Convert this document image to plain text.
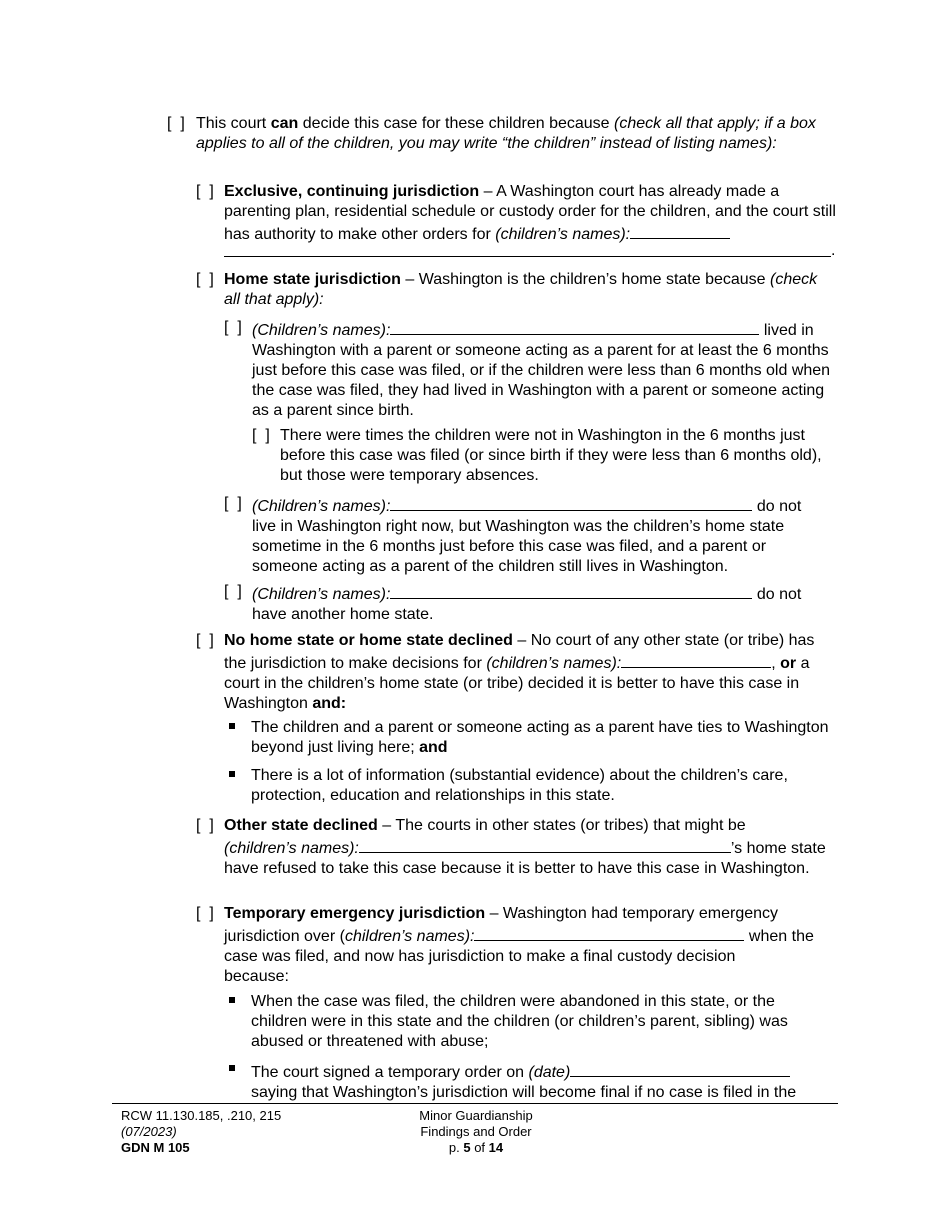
[  ] This court can decide this case for these children because (check all that apply; if a box applies to all of the children, you may write “the children” instead of listing names):
[  ] Exclusive, continuing jurisdiction – A Washington court has already made a parenting plan, residential schedule or custody order for the children, and the court still has authority to make other orders for (children’s names):
.
[  ] Home state jurisdiction – Washington is the children’s home state because (check all that apply):
[  ] (Children’s names):	lived in
Washington with a parent or someone acting as a parent for at least the 6 months just before this case was filed, or if the children were less than 6 months old when the case was filed, they had lived in Washington with a parent or someone acting as a parent since birth.
[  ] There were times the children were not in Washington in the 6 months just before this case was filed (or since birth if they were less than 6 months old), but those were temporary absences.
[  ] (Children’s names):	do not
live in Washington right now, but Washington was the children’s home state sometime in the 6 months just before this case was filed, and a parent or someone acting as a parent of the children still lives in Washington.
[  ] (Children’s names):	do not
have another home state.
[  ] No home state or home state declined – No court of any other state (or tribe) has the jurisdiction to make decisions for (children’s names):	, or a court in the children’s home state (or tribe) decided it is better to have this case in Washington and:
The children and a parent or someone acting as a parent have ties to Washington beyond just living here; and
There is a lot of information (substantial evidence) about the children’s care, protection, education and relationships in this state.
[  ] Other state declined – The courts in other states (or tribes) that might be
(children’s names):	’s home state
have refused to take this case because it is better to have this case in Washington.
[  ] Temporary emergency jurisdiction – Washington had temporary emergency
jurisdiction over (children’s names):	when the
case was filed, and now has jurisdiction to make a final custody decision because:
When the case was filed, the children were abandoned in this state, or the children were in this state and the children (or children’s parent, sibling) was abused or threatened with abuse;
The court signed a temporary order on (date)
saying that Washington’s jurisdiction will become final if no case is filed in the
RCW 11.130.185, .210, 215
(07/2023)
GDN M 105
Minor Guardianship
Findings and Order
p. 5 of 14
